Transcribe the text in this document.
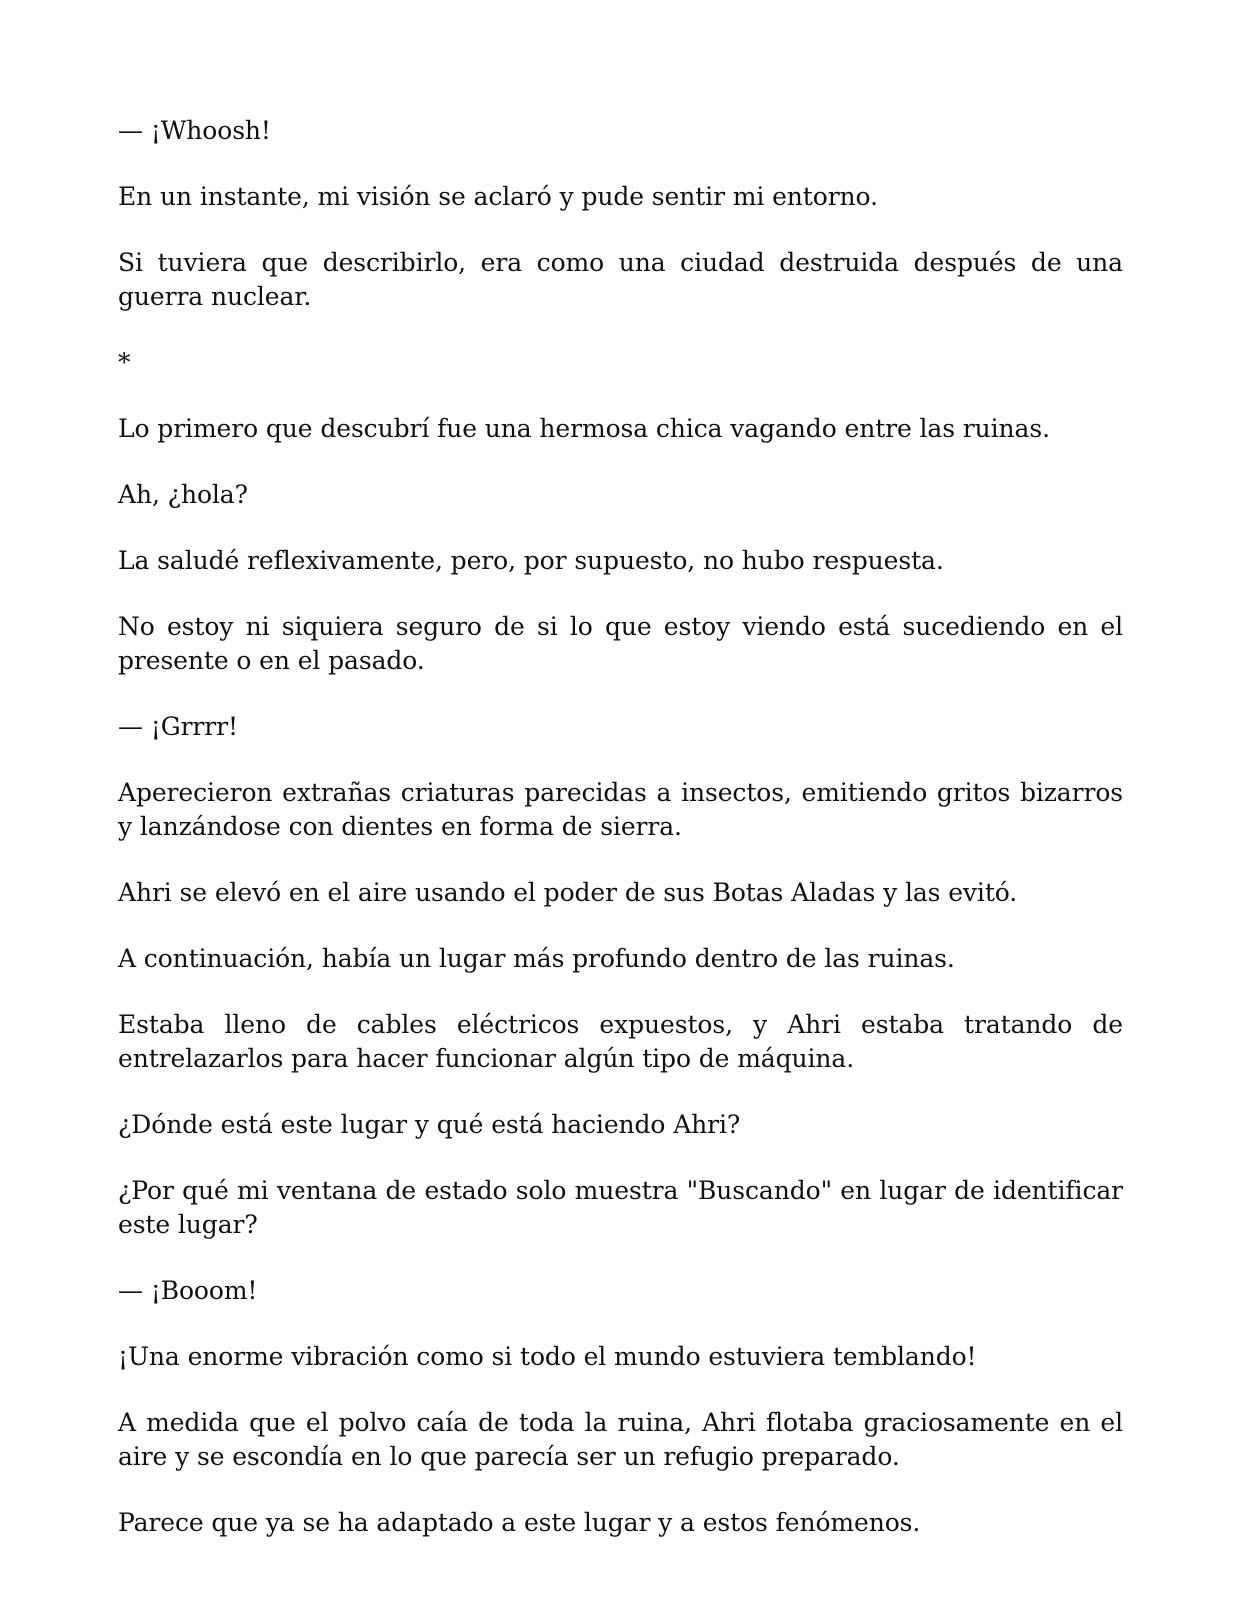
— ¡Whoosh!

En un instante, mi visión se aclaró y pude sentir mi entorno.

Si tuviera que describirlo, era como una ciudad destruida después de una guerra nuclear.

*

Lo primero que descubrí fue una hermosa chica vagando entre las ruinas.

Ah, ¿hola?

La saludé reflexivamente, pero, por supuesto, no hubo respuesta.

No estoy ni siquiera seguro de si lo que estoy viendo está sucediendo en el presente o en el pasado.

— ¡Grrrr!

Aperecieron extrañas criaturas parecidas a insectos, emitiendo gritos bizarros y lanzándose con dientes en forma de sierra.

Ahri se elevó en el aire usando el poder de sus Botas Aladas y las evitó.

A continuación, había un lugar más profundo dentro de las ruinas.

Estaba lleno de cables eléctricos expuestos, y Ahri estaba tratando de entrelazarlos para hacer funcionar algún tipo de máquina.

¿Dónde está este lugar y qué está haciendo Ahri?

¿Por qué mi ventana de estado solo muestra "Buscando" en lugar de identificar este lugar?

— ¡Booom!

¡Una enorme vibración como si todo el mundo estuviera temblando!

A medida que el polvo caía de toda la ruina, Ahri flotaba graciosamente en el aire y se escondía en lo que parecía ser un refugio preparado.

Parece que ya se ha adaptado a este lugar y a estos fenómenos.
